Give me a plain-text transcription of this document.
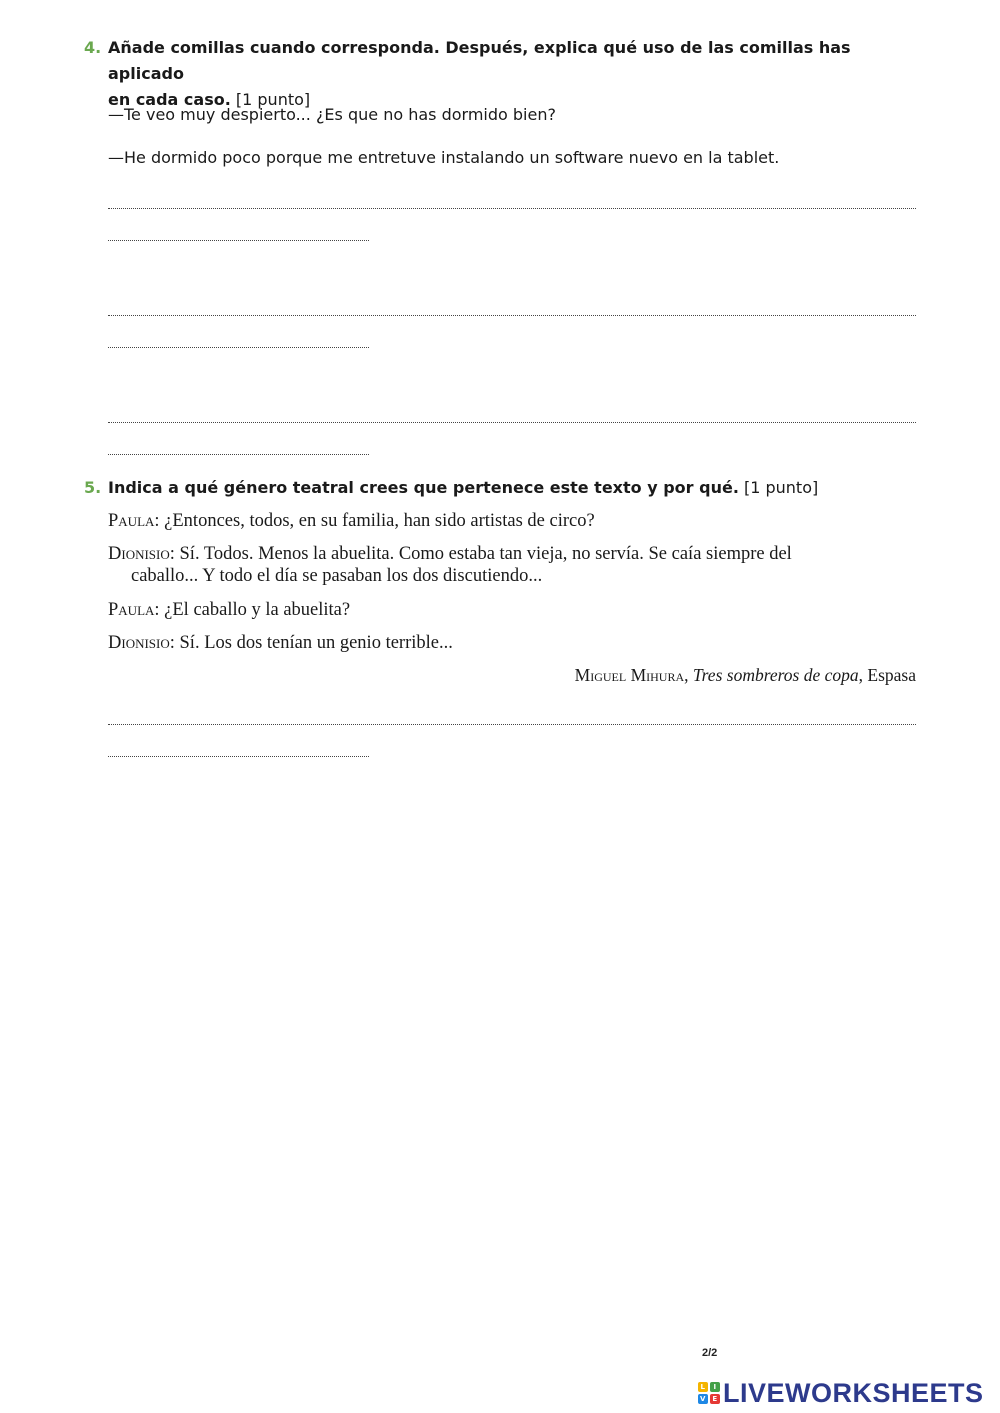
4. Añade comillas cuando corresponda. Después, explica qué uso de las comillas has aplicado
en cada caso. [1 punto]
—Te veo muy despierto... ¿Es que no has dormido bien?
—He dormido poco porque me entretuve instalando un software nuevo en la tablet.
5. Indica a qué género teatral crees que pertenece este texto y por qué. [1 punto]
Paula: ¿Entonces, todos, en su familia, han sido artistas de circo?
Dionisio: Sí. Todos. Menos la abuelita. Como estaba tan vieja, no servía. Se caía siempre del
caballo... Y todo el día se pasaban los dos discutiendo...
Paula: ¿El caballo y la abuelita?
Dionisio: Sí. Los dos tenían un genio terrible...
Miguel Mihura, Tres sombreros de copa, Espasa
2/2
L	I
V E LIVEWORKSHEETS
